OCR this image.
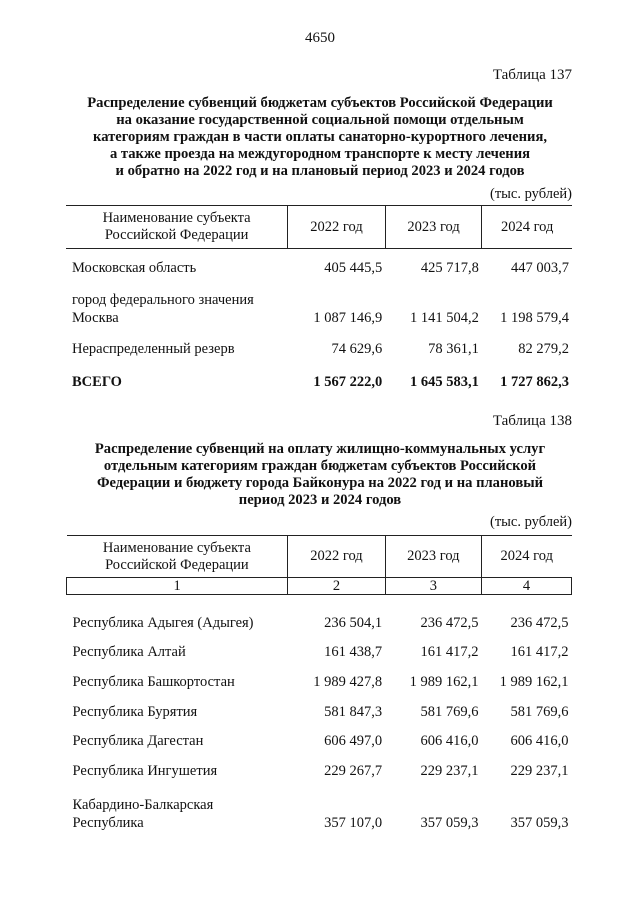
4650
Таблица 137
Распределение субвенций бюджетам субъектов Российской Федерации
на оказание государственной социальной помощи отдельным
категориям граждан в части оплаты санаторно-курортного лечения,
а также проезда на междугородном транспорте к месту лечения
и обратно на 2022 год и на плановый период 2023 и 2024 годов
(тыс. рублей)
Наименование субъекта
Российской Федерации	2022 год	2023 год	2024 год
Московская область	405 445,5	425 717,8	447 003,7
город федерального значения
Москва	1 087 146,9	1 141 504,2	1 198 579,4
Нераспределенный резерв	74 629,6	78 361,1	82 279,2
ВСЕГО	1 567 222,0	1 645 583,1	1 727 862,3
Таблица 138
Распределение субвенций на оплату жилищно-коммунальных услуг
отдельным категориям граждан бюджетам субъектов Российской
Федерации и бюджету города Байконура на 2022 год и на плановый
период 2023 и 2024 годов
(тыс. рублей)
Наименование субъекта
Российской Федерации	2022 год	2023 год	2024 год
1	2	3	4
Республика Адыгея (Адыгея)	236 504,1	236 472,5	236 472,5
Республика Алтай	161 438,7	161 417,2	161 417,2
Республика Башкортостан	1 989 427,8	1 989 162,1	1 989 162,1
Республика Бурятия	581 847,3	581 769,6	581 769,6
Республика Дагестан	606 497,0	606 416,0	606 416,0
Республика Ингушетия	229 267,7	229 237,1	229 237,1
Кабардино-Балкарская
Республика	357 107,0	357 059,3	357 059,3
